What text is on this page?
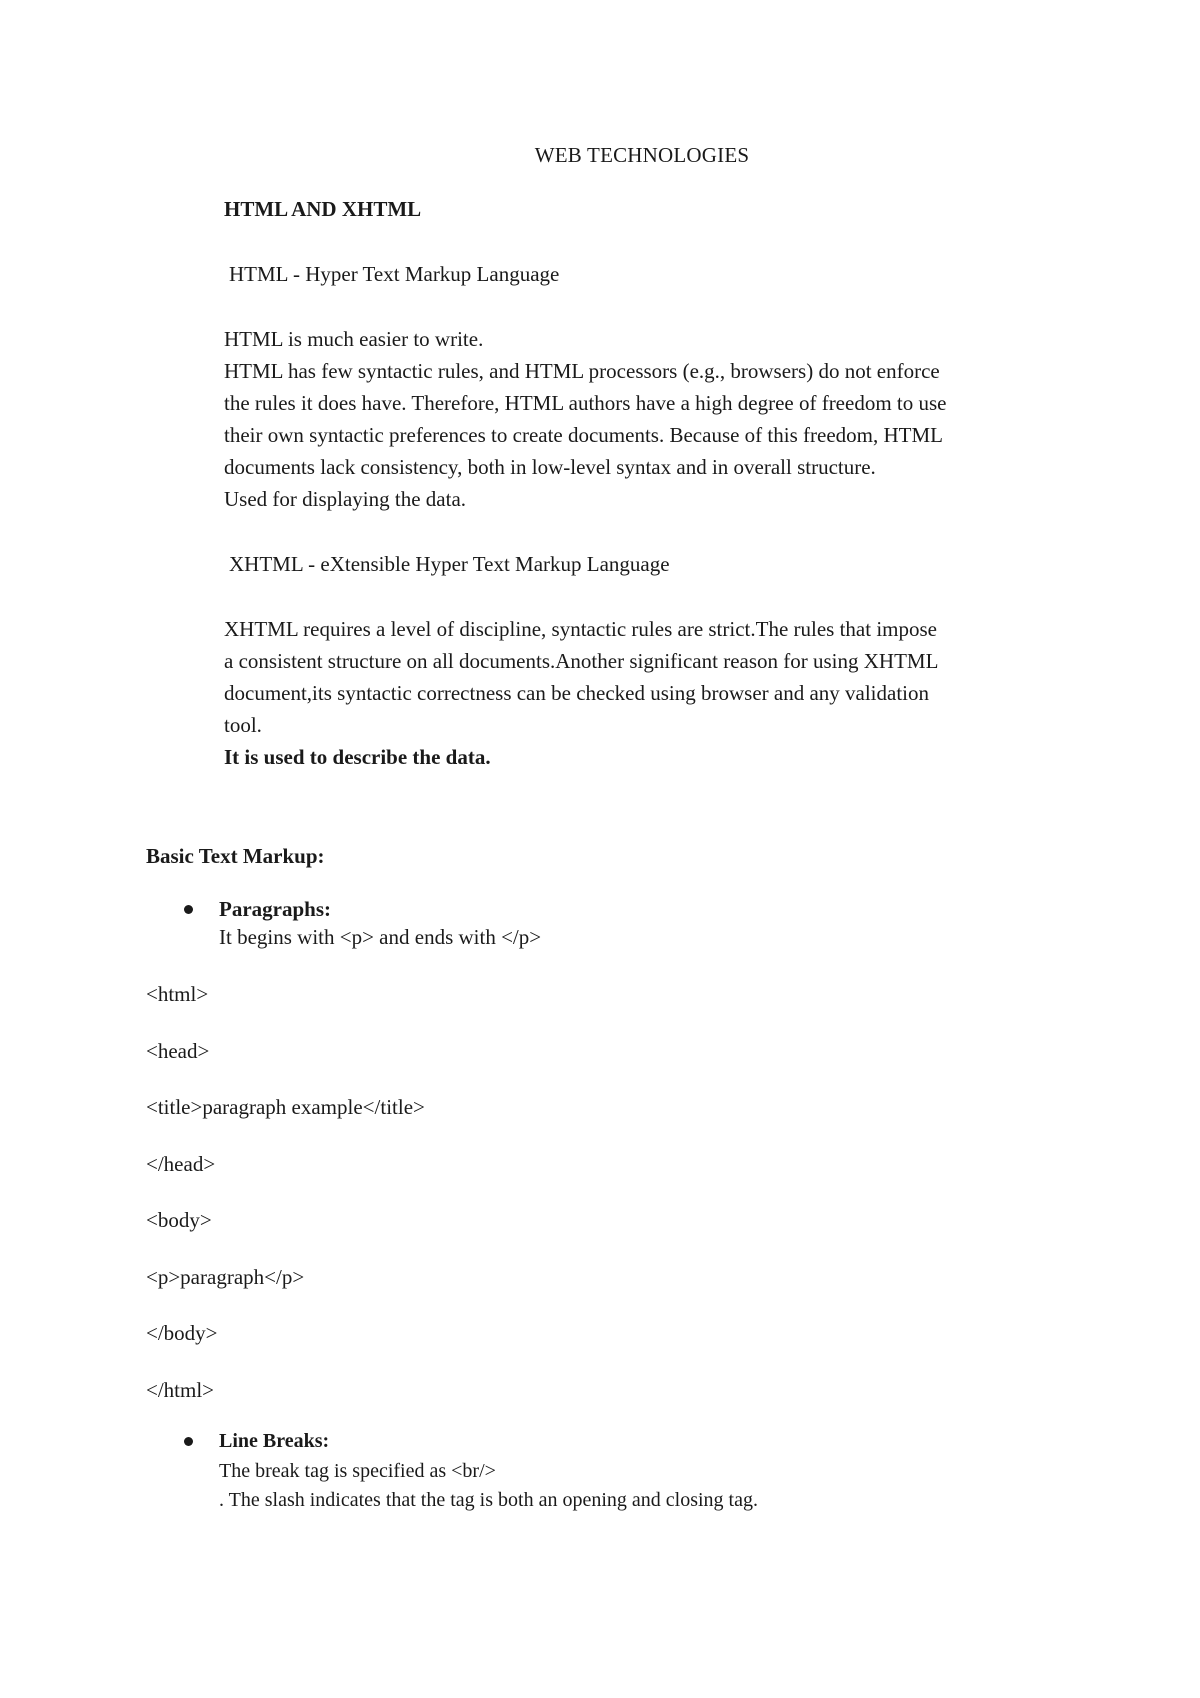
WEB TECHNOLOGIES
HTML AND XHTML
HTML - Hyper Text Markup Language
HTML is much easier to write.
HTML has few syntactic rules, and HTML processors (e.g., browsers) do not enforce
the rules it does have. Therefore, HTML authors have a high degree of freedom to use
their own syntactic preferences to create documents. Because of this freedom, HTML
documents lack consistency, both in low-level syntax and in overall structure.
Used for displaying the data.
XHTML - eXtensible Hyper Text Markup Language
XHTML requires a level of discipline, syntactic rules are strict.The rules that impose
a consistent structure on all documents.Another significant reason for using XHTML
document,its syntactic correctness can be checked using browser and any validation
tool.
It is used to describe the data.
Basic Text Markup:
Paragraphs:
It begins with <p> and ends with </p>
<html>
<head>
<title>paragraph example</title>
</head>
<body>
<p>paragraph</p>
</body>
</html>
Line Breaks:
The break tag is specified as <br/>
. The slash indicates that the tag is both an opening and closing tag.
